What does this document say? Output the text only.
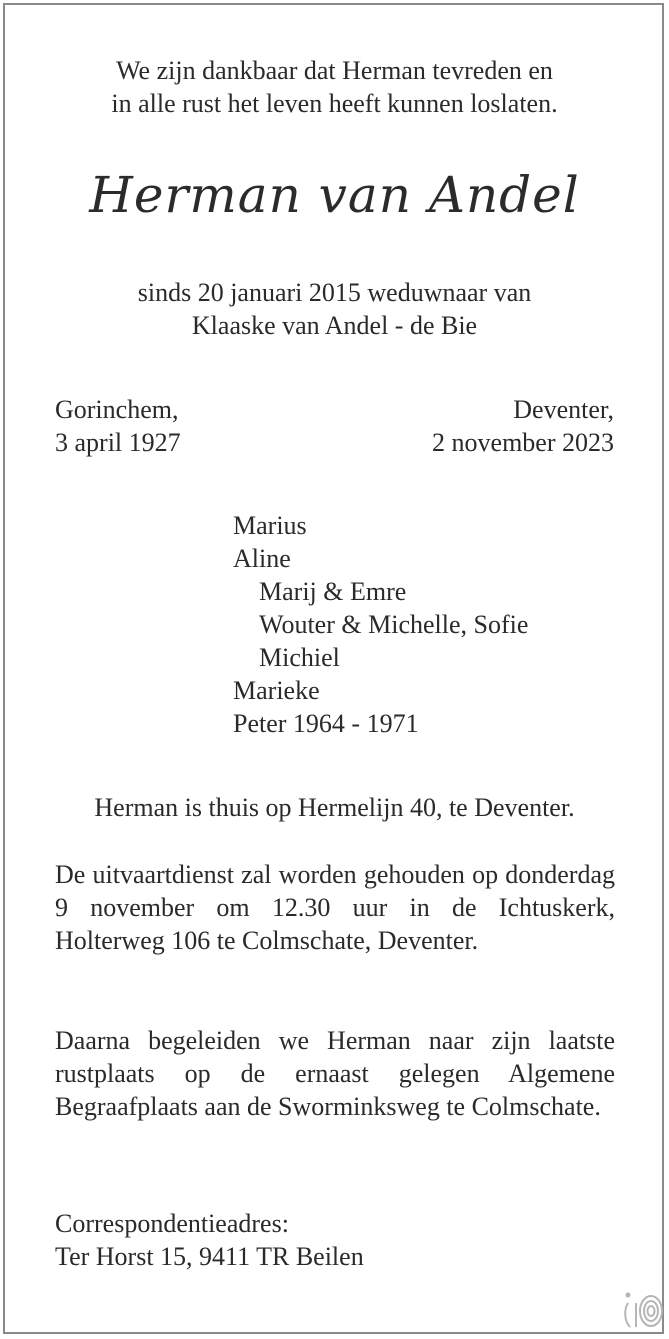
We zijn dankbaar dat Herman tevreden en
in alle rust het leven heeft kunnen loslaten.
Herman van Andel
sinds 20 januari 2015 weduwnaar van
Klaaske van Andel - de Bie
Gorinchem,
3 april 1927
Deventer,
2 november 2023
Marius
Aline
Marij & Emre
Wouter & Michelle, Sofie
Michiel
Marieke
Peter 1964 - 1971
Herman is thuis op Hermelijn 40, te Deventer.
De uitvaartdienst zal worden gehouden op donderdag 9 november om 12.30 uur in de Ichtuskerk, Holterweg 106 te Colmschate, Deventer.
Daarna begeleiden we Herman naar zijn laatste rustplaats op de ernaast gelegen Algemene Begraafplaats aan de Sworminksweg te Colmschate.
Correspondentieadres:
Ter Horst 15, 9411 TR Beilen
